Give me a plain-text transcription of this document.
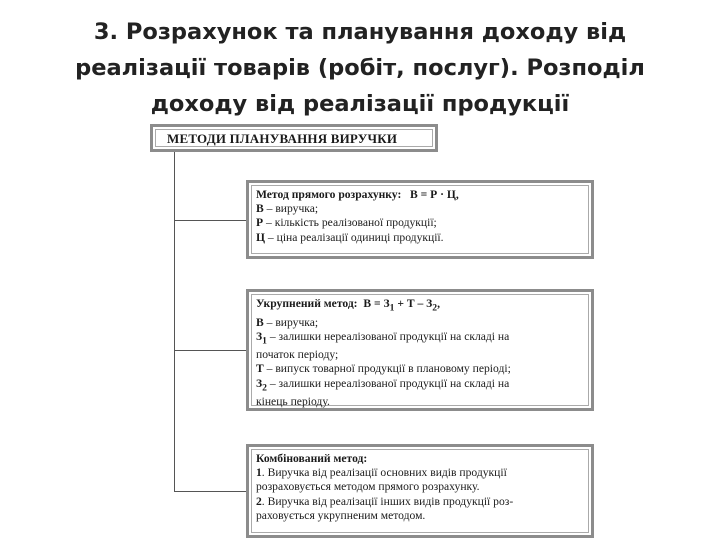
3. Розрахунок та планування доходу від
реалізації товарів (робіт, послуг). Розподіл
доходу від реалізації продукції
МЕТОДИ ПЛАНУВАННЯ ВИРУЧКИ
Метод прямого розрахунку: В = Р · Ц,
В – виручка;
Р – кількість реалізованої продукції;
Ц – ціна реалізації одиниці продукції.
Укрупнений метод: $В = З_1 + Т - З_2$,
В – виручка;
$З_1$ – залишки нереалізованої продукції на складі на
початок періоду;
Т – випуск товарної продукції в плановому періоді;
$З_2$ – залишки нереалізованої продукції на складі на
кінець періоду.
Комбінований метод:
1. Виручка від реалізації основних видів продукції
розраховується методом прямого розрахунку.
2. Виручка від реалізації інших видів продукції роз-
раховується укрупненим методом.
